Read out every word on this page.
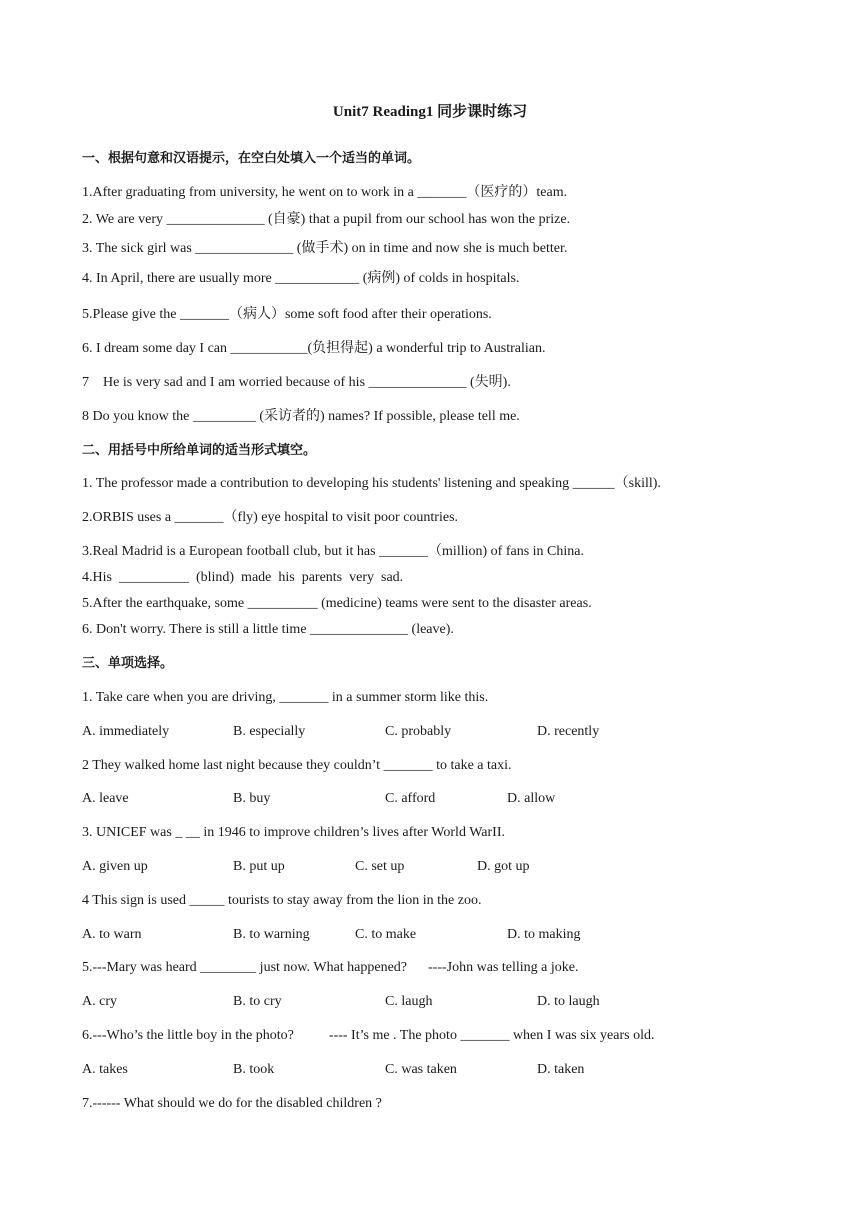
Unit7 Reading1 同步课时练习
一、根据句意和汉语提示，在空白处填入一个适当的单词。
1.After graduating from university, he went on to work in a _______（医疗的）team.
2. We are very ______________ (自豪) that a pupil from our school has won the prize.
3. The sick girl was ______________ (做手术) on in time and now she is much better.
4. In April, there are usually more ____________ (病例) of colds in hospitals.
5.Please give the _______（病人）some soft food after their operations.
6. I dream some day I can ___________(负担得起) a wonderful trip to Australian.
7    He is very sad and I am worried because of his ______________ (失明).
8 Do you know the _________ (采访者的) names? If possible, please tell me.
二、用括号中所给单词的适当形式填空。
1. The professor made a contribution to developing his students' listening and speaking ______（skill).
2.ORBIS uses a _______（fly) eye hospital to visit poor countries.
3.Real Madrid is a European football club, but it has _______（million) of fans in China.
4.His  __________  (blind)  made  his  parents  very  sad.
5.After the earthquake, some __________ (medicine) teams were sent to the disaster areas.
6. Don't worry. There is still a little time ______________ (leave).
三、单项选择。
1. Take care when you are driving, _______ in a summer storm like this.
A. immediately	B. especially	C. probably	D. recently
2 They walked home last night because they couldn’t _______ to take a taxi.
A. leave	B. buy	C. afford	D. allow
3. UNICEF was _ __ in 1946 to improve children’s lives after World WarII.
A. given up	B. put up	C. set up	D. got up
4 This sign is used _____ tourists to stay away from the lion in the zoo.
A. to warn	B. to warning	C. to make	D. to making
5.---Mary was heard ________ just now. What happened?      ----John was telling a joke.
A. cry	B. to cry	C. laugh	D. to laugh
6.---Who’s the little boy in the photo?          ---- It’s me . The photo _______ when I was six years old.
A. takes	B. took	C. was taken	D. taken
7.------ What should we do for the disabled children ?
